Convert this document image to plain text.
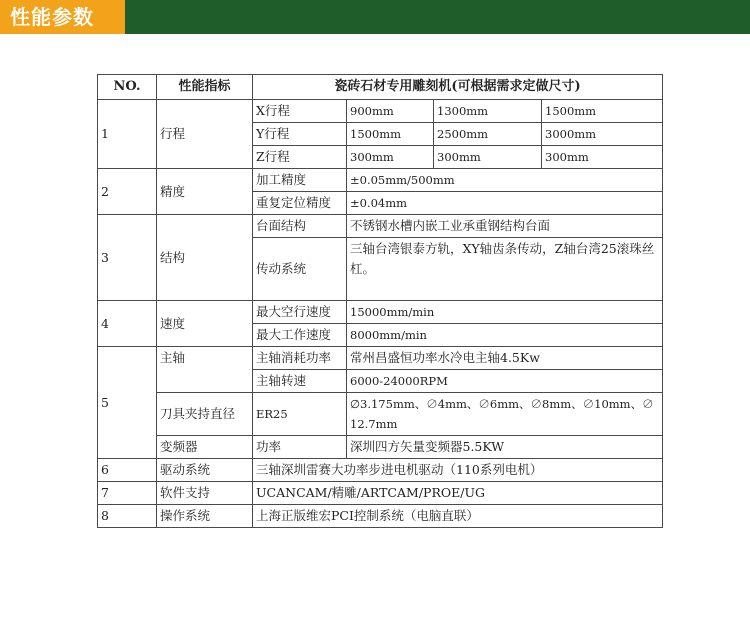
性能参数
NO.	性能指标	瓷砖石材专用雕刻机(可根据需求定做尺寸)			
1	行程	X行程	900mm	1300mm	1500mm
		Y行程	1500mm	2500mm	3000mm
		Z行程	300mm	300mm	300mm
2	精度	加工精度	±0.05mm/500mm		
		重复定位精度	±0.04mm		
3	结构	台面结构	不锈钢水槽内嵌工业承重钢结构台面		
		传动系统	三轴台湾银泰方轨，XY轴齿条传动，Z轴台湾25滚珠丝杠。		
4	速度	最大空行速度	15000mm/min		
		最大工作速度	8000mm/min		
5	主轴	主轴消耗功率	常州昌盛恒功率水冷电主轴4.5Kw		
		主轴转速	6000-24000RPM		
	刀具夹持直径	ER25	∅3.175mm、∅4mm、∅6mm、∅8mm、∅10mm、∅12.7mm		
	变频器	功率	深圳四方矢量变频器5.5KW		
6	驱动系统	三轴深圳雷赛大功率步进电机驱动（110系列电机）			
7	软件支持	UCANCAM/精雕/ARTCAM/PROE/UG			
8	操作系统	上海正版维宏PCI控制系统（电脑直联）			
